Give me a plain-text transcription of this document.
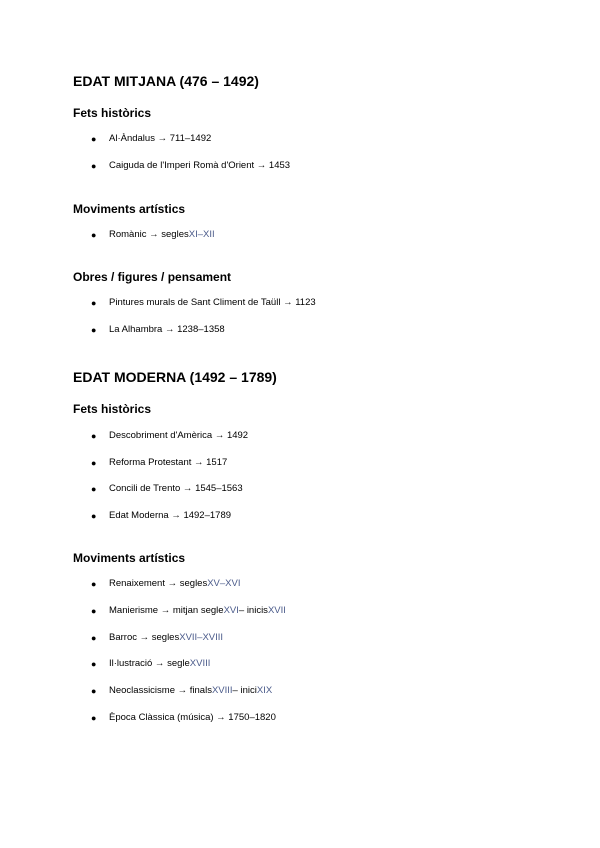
EDAT MITJANA (476 – 1492)
Fets històrics
●	Al·Àndalus → 711–1492
●	Caiguda de l'Imperi Romà d'Orient → 1453
Moviments artístics
●	Romànic → segles XI–XII
Obres / figures / pensament
●	Pintures murals de Sant Climent de Taüll → 1123
●	La Alhambra → 1238–1358
EDAT MODERNA (1492 – 1789)
Fets històrics
●	Descobriment d'Amèrica → 1492
●	Reforma Protestant → 1517
●	Concili de Trento → 1545–1563
●	Edat Moderna → 1492–1789
Moviments artístics
●	Renaixement → segles XV–XVI
●	Manierisme → mitjan segle XVI – inicis XVII
●	Barroc → segles XVII–XVIII
●	Il·lustració → segle XVIII
●	Neoclassicisme → finals XVIII – inici XIX
●	Època Clàssica (música) → 1750–1820
